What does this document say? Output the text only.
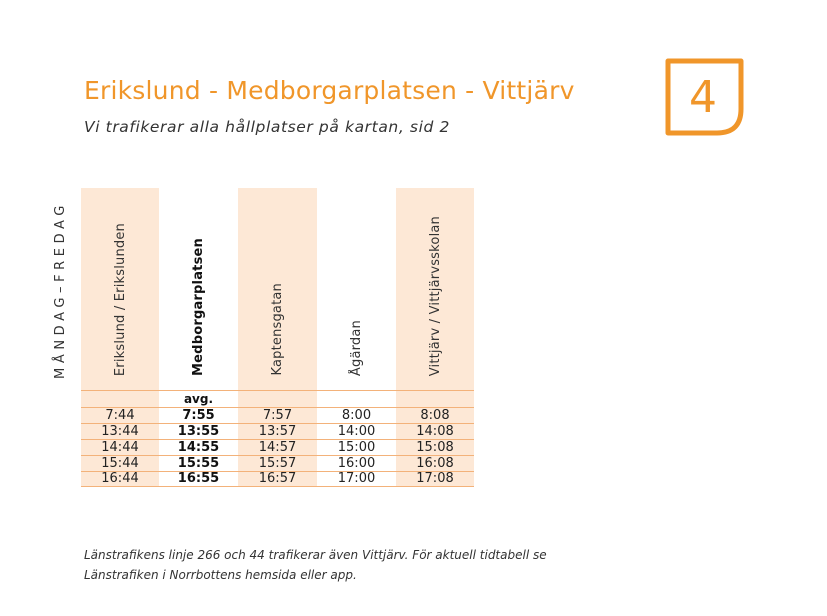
Erikslund - Medborgarplatsen - Vittjärv
Vi trafikerar alla hållplatser på kartan, sid 2
4
MÅNDAG–FREDAG	Erikslund / Erikslunden	Medborgarplatsen	Kaptensgatan	Ågärdan	Vittjärv / Vittjärvsskolan
avg.
7:44	7:55	7:57	8:00	8:08
13:44	13:55	13:57	14:00	14:08
14:44	14:55	14:57	15:00	15:08
15:44	15:55	15:57	16:00	16:08
16:44	16:55	16:57	17:00	17:08

Länstrafikens linje 266 och 44 trafikerar även Vittjärv. För aktuell tidtabell se

Länstrafiken i Norrbottens hemsida eller app.
